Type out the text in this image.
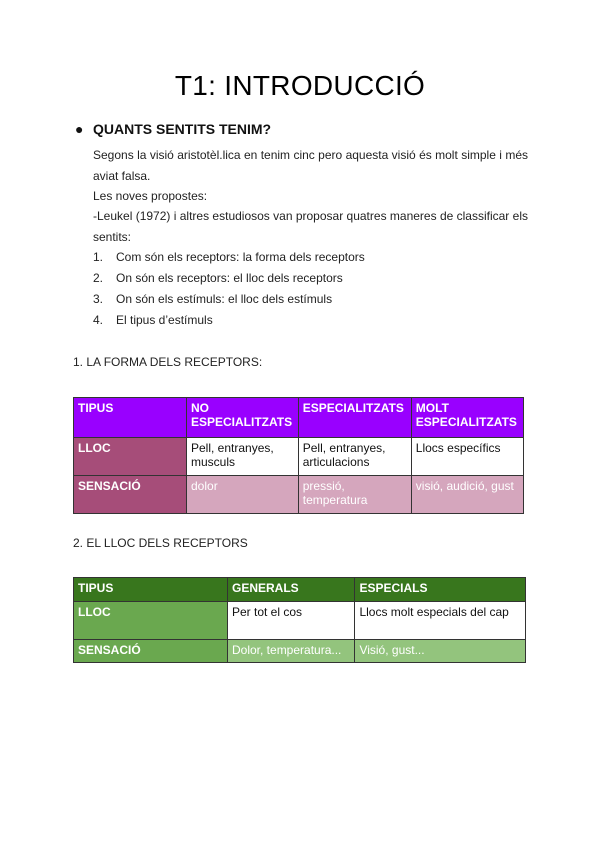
T1: INTRODUCCIÓ
● QUANTS SENTITS TENIM?
Segons la visió aristotèl.lica en tenim cinc pero aquesta visió és molt simple i més aviat falsa.
Les noves propostes:
-Leukel (1972) i altres estudiosos van proposar quatres maneres de classificar els sentits:
1. Com són els receptors: la forma dels receptors
2. On són els receptors: el lloc dels receptors
3. On són els estímuls: el lloc dels estímuls
4. El tipus d’estímuls
1. LA FORMA DELS RECEPTORS:
TIPUS	NO ESPECIALITZATS	ESPECIALITZATS	MOLT ESPECIALITZATS
LLOC	Pell, entranyes, musculs	Pell, entranyes, articulacions	Llocs específics
SENSACIÓ	dolor	pressió, temperatura	visió, audició, gust
2. EL LLOC DELS RECEPTORS
TIPUS	GENERALS	ESPECIALS
LLOC	Per tot el cos	Llocs molt especials del cap
SENSACIÓ	Dolor, temperatura...	Visió, gust...
